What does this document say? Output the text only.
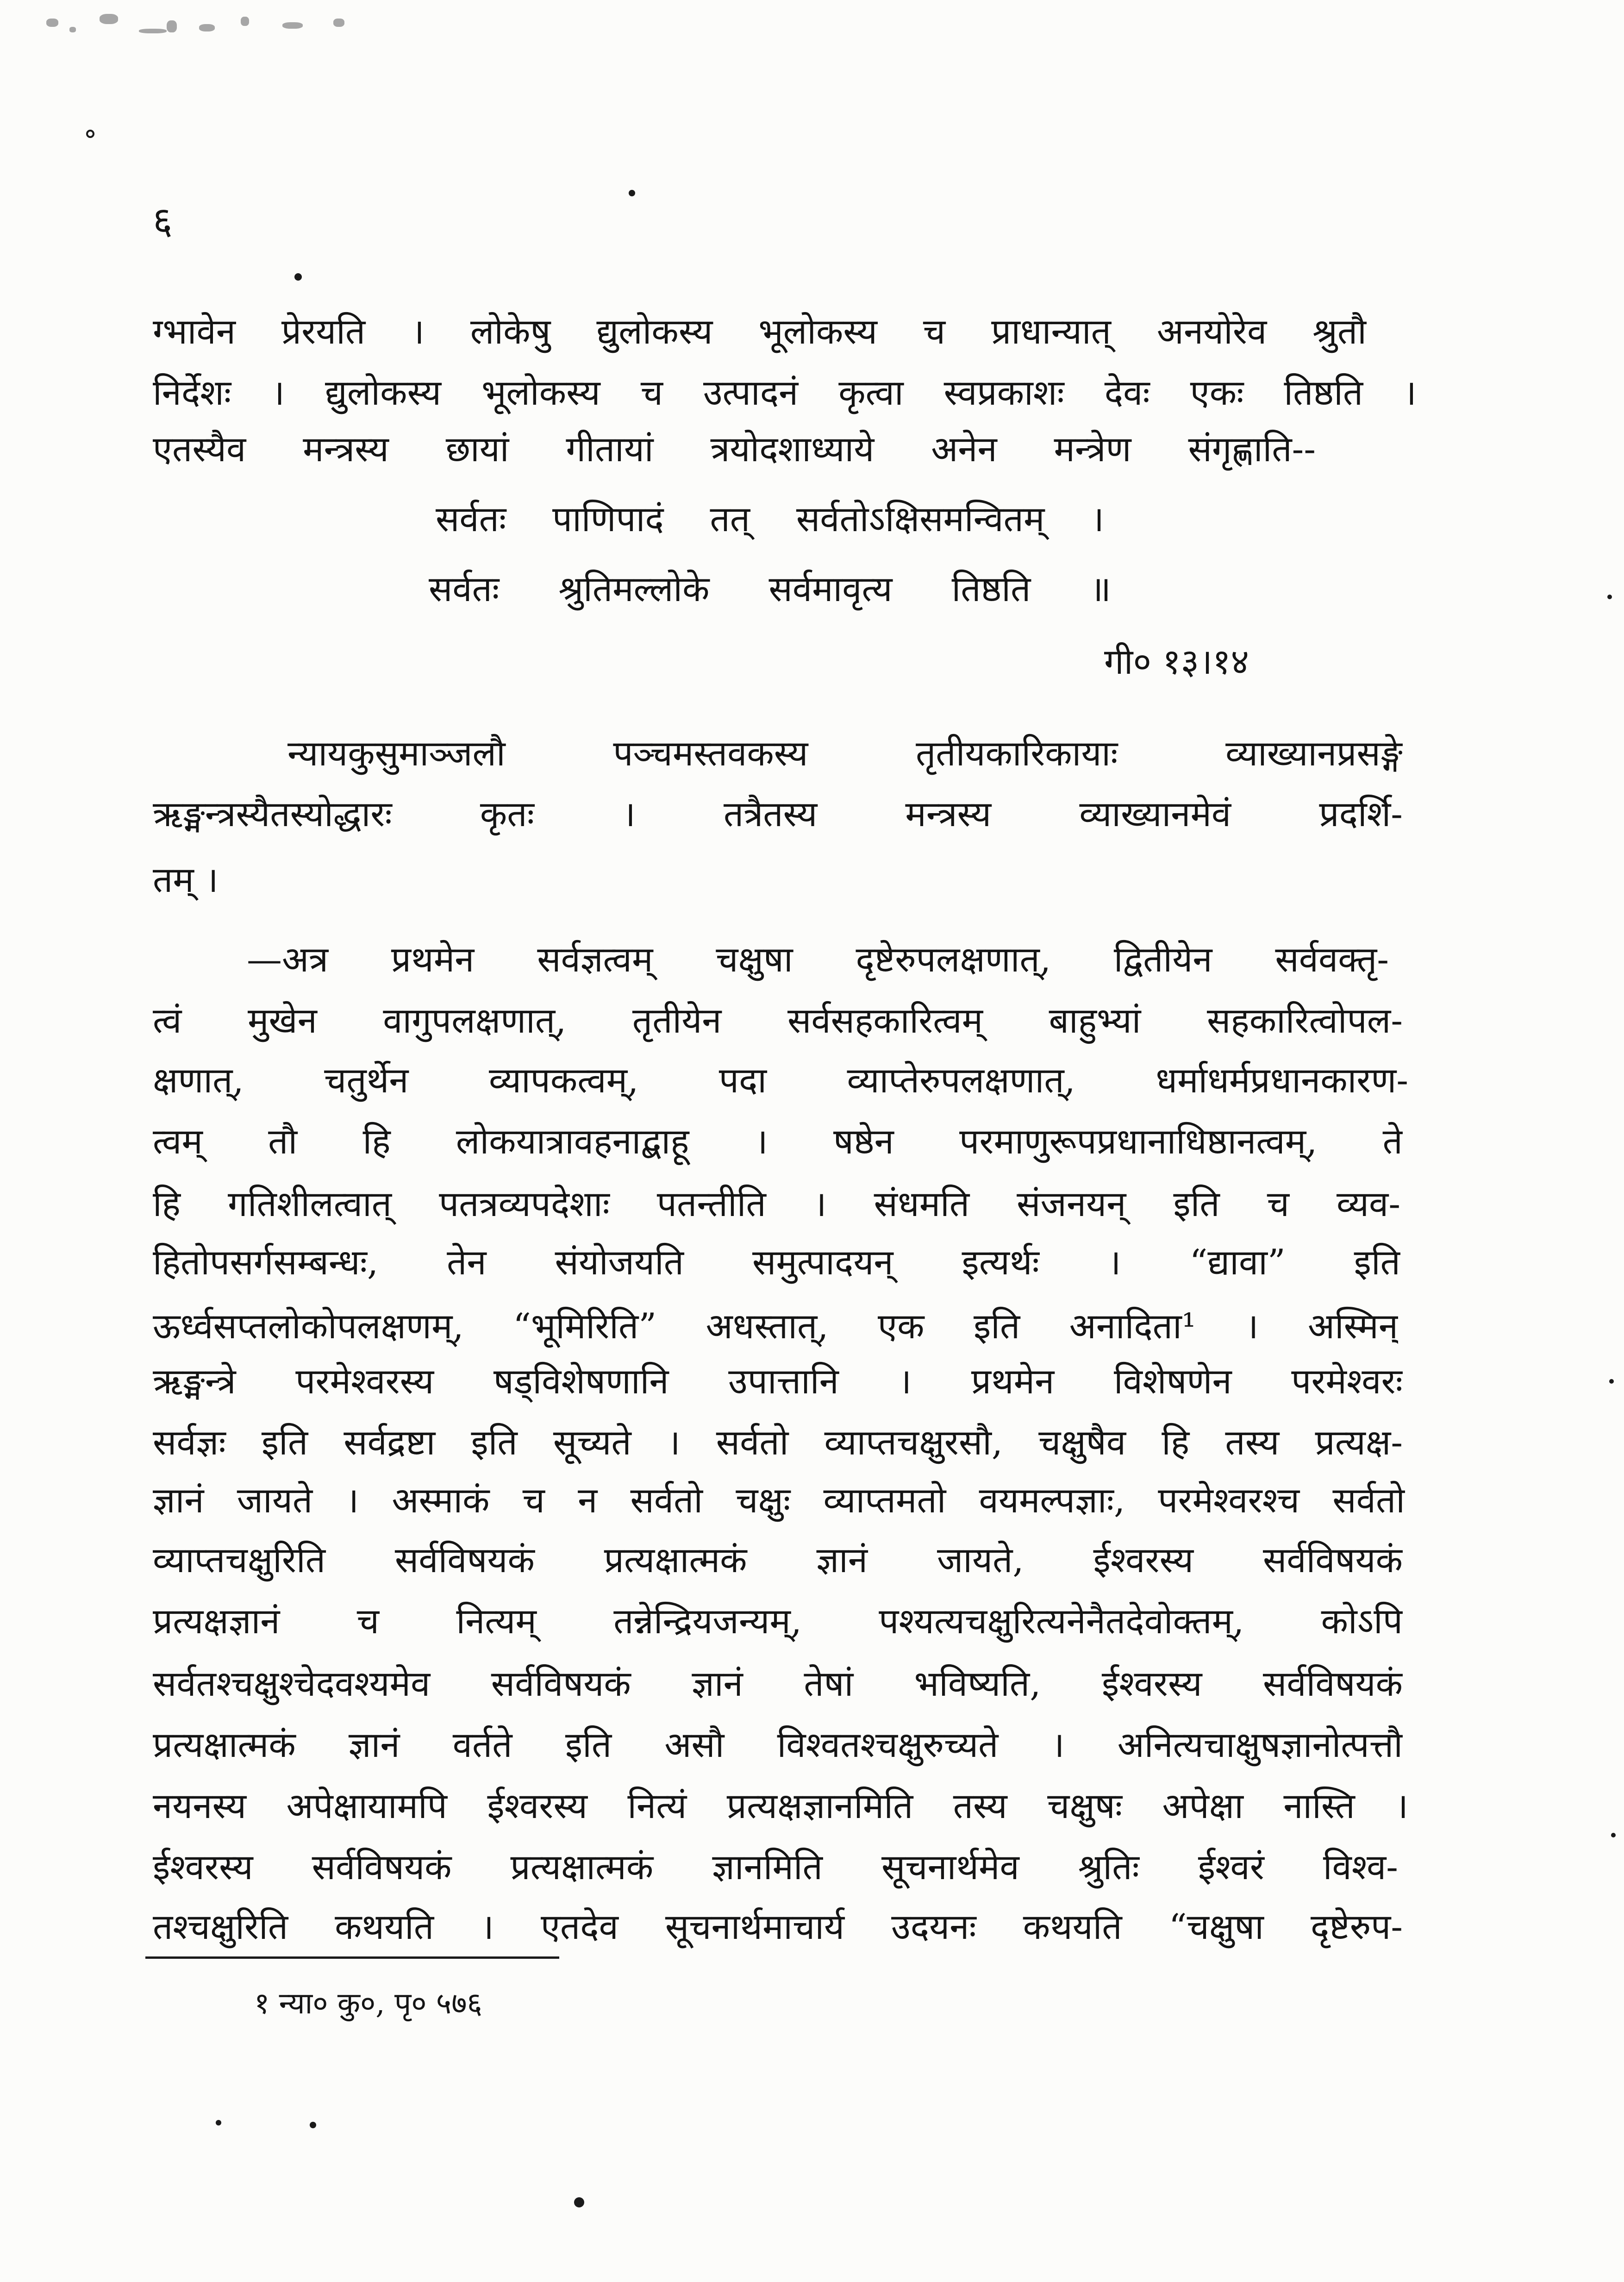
६
ग्भावेन प्रेरयति । लोकेषु द्युलोकस्य भूलोकस्य च प्राधान्यात् अनयोरेव श्रुतौ
निर्देशः । द्युलोकस्य भूलोकस्य च उत्पादनं कृत्वा स्वप्रकाशः देवः एकः तिष्ठति ।
एतस्यैव मन्त्रस्य छायां गीतायां त्रयोदशाध्याये अनेन मन्त्रेण संगृह्णाति--
सर्वतः पाणिपादं तत् सर्वतोऽक्षिसमन्वितम् ।
सर्वतः श्रुतिमल्लोके सर्वमावृत्य तिष्ठति ॥
गी० १३।१४
न्यायकुसुमाञ्जलौ पञ्चमस्तवकस्य तृतीयकारिकायाः व्याख्यानप्रसङ्गे
ऋङ्मन्त्रस्यैतस्योद्धारः कृतः । तत्रैतस्य मन्त्रस्य व्याख्यानमेवं प्रदर्शि-
तम् ।
—अत्र प्रथमेन सर्वज्ञत्वम् चक्षुषा दृष्टेरुपलक्षणात्, द्वितीयेन सर्ववक्तृ-
त्वं मुखेन वागुपलक्षणात्, तृतीयेन सर्वसहकारित्वम् बाहुभ्यां सहकारित्वोपल-
क्षणात्, चतुर्थेन व्यापकत्वम्, पदा व्याप्तेरुपलक्षणात्, धर्माधर्मप्रधानकारण-
त्वम् तौ हि लोकयात्रावहनाद्बाहू । षष्ठेन परमाणुरूपप्रधानाधिष्ठानत्वम्, ते
हि गतिशीलत्वात् पतत्रव्यपदेशाः पतन्तीति । संधमति संजनयन् इति च व्यव-
हितोपसर्गसम्बन्धः, तेन संयोजयति समुत्पादयन् इत्यर्थः । “द्यावा” इति
ऊर्ध्वसप्तलोकोपलक्षणम्, “भूमिरिति” अधस्तात्, एक इति अनादिता¹ । अस्मिन्
ऋङ्मन्त्रे परमेश्वरस्य षड्विशेषणानि उपात्तानि । प्रथमेन विशेषणेन परमेश्वरः
सर्वज्ञः इति सर्वद्रष्टा इति सूच्यते । सर्वतो व्याप्तचक्षुरसौ, चक्षुषैव हि तस्य प्रत्यक्ष-
ज्ञानं जायते । अस्माकं च न सर्वतो चक्षुः व्याप्तमतो वयमल्पज्ञाः, परमेश्वरश्च सर्वतो
व्याप्तचक्षुरिति सर्वविषयकं प्रत्यक्षात्मकं ज्ञानं जायते, ईश्वरस्य सर्वविषयकं
प्रत्यक्षज्ञानं च नित्यम् तन्नेन्द्रियजन्यम्, पश्यत्यचक्षुरित्यनेनैतदेवोक्तम्, कोऽपि
सर्वतश्चक्षुश्चेदवश्यमेव सर्वविषयकं ज्ञानं तेषां भविष्यति, ईश्वरस्य सर्वविषयकं
प्रत्यक्षात्मकं ज्ञानं वर्तते इति असौ विश्वतश्चक्षुरुच्यते । अनित्यचाक्षुषज्ञानोत्पत्तौ
नयनस्य अपेक्षायामपि ईश्वरस्य नित्यं प्रत्यक्षज्ञानमिति तस्य चक्षुषः अपेक्षा नास्ति ।
ईश्वरस्य सर्वविषयकं प्रत्यक्षात्मकं ज्ञानमिति सूचनार्थमेव श्रुतिः ईश्वरं विश्व-
तश्चक्षुरिति कथयति । एतदेव सूचनार्थमाचार्य उदयनः कथयति “चक्षुषा दृष्टेरुप-
१ न्या० कु०, पृ० ५७६
